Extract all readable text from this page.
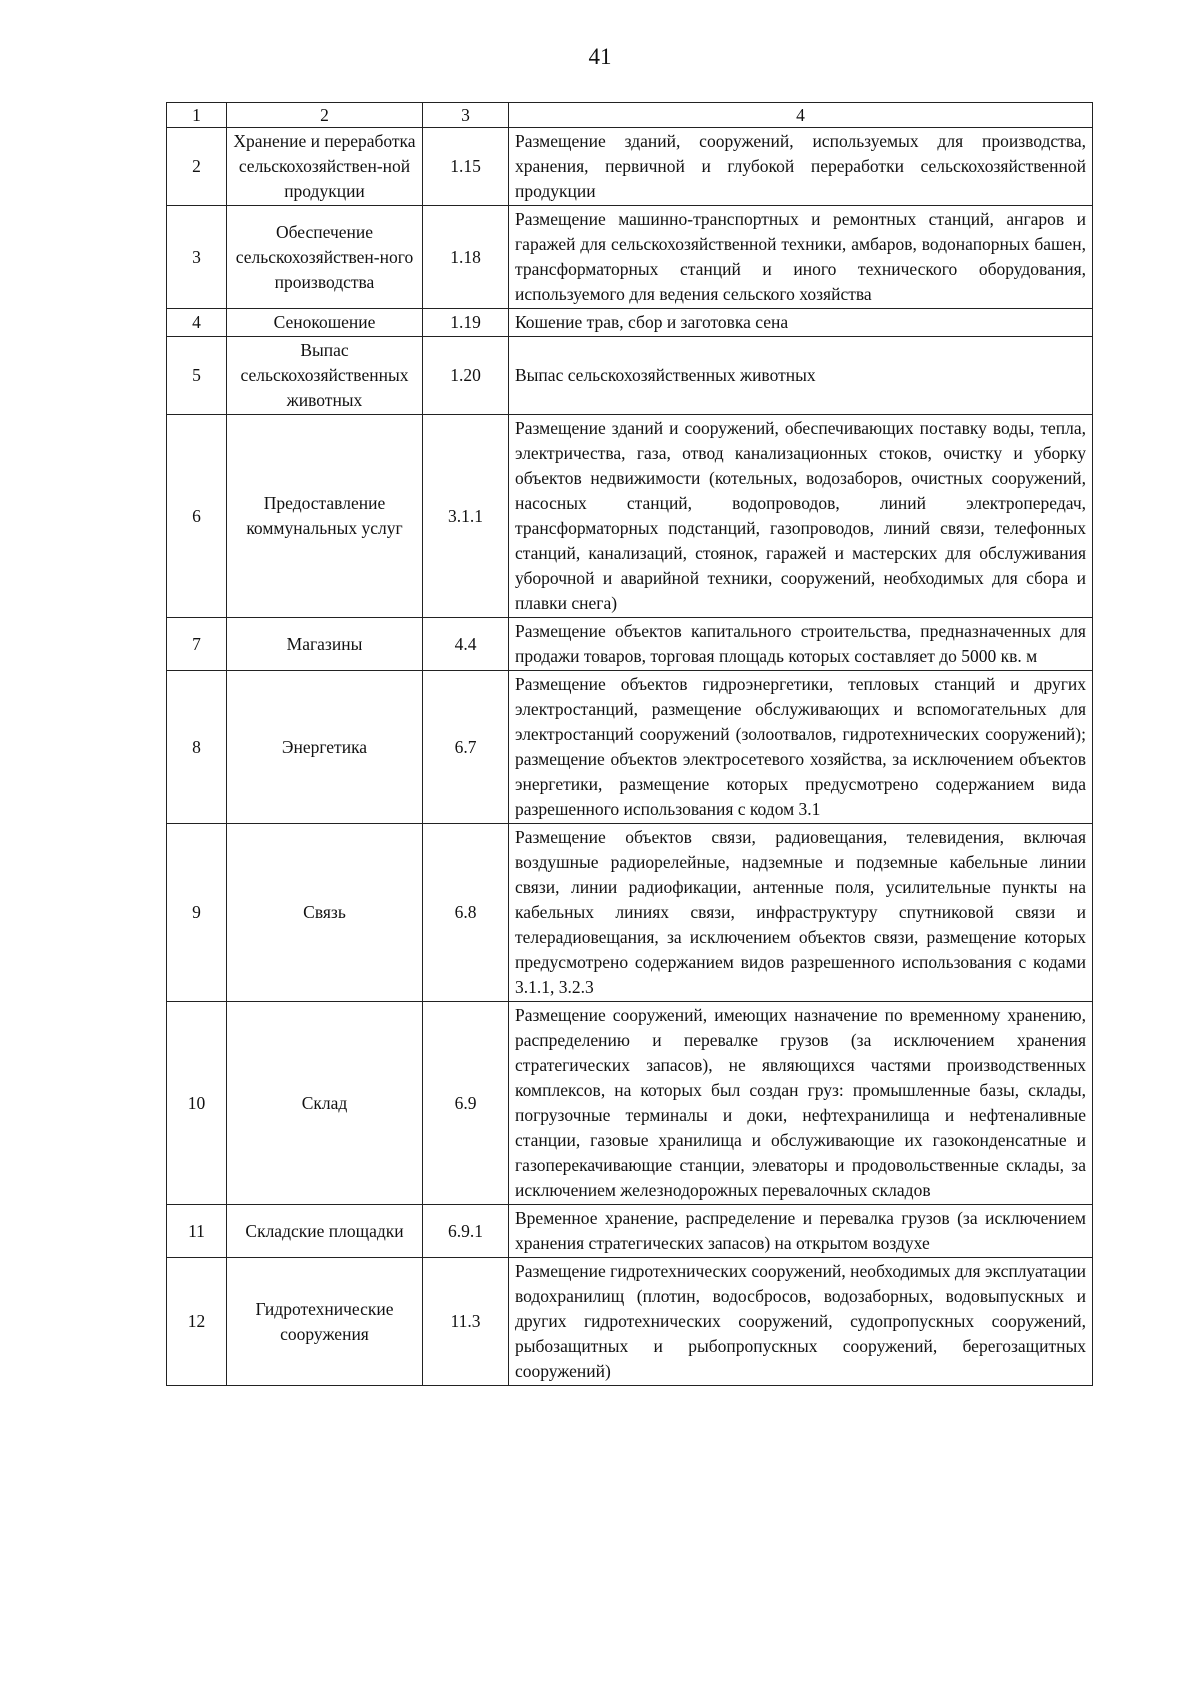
41
1	2	3	4
2	Хранение и переработка сельскохозяйствен-ной продукции	1.15	Размещение зданий, сооружений, используемых для производства, хранения, первичной и глубокой переработки сельскохозяйственной продукции
3	Обеспечение сельскохозяйствен-ного производства	1.18	Размещение машинно-транспортных и ремонтных станций, ангаров и гаражей для сельскохозяйственной техники, амбаров, водонапорных башен, трансформаторных станций и иного технического оборудования, используемого для ведения сельского хозяйства
4	Сенокошение	1.19	Кошение трав, сбор и заготовка сена
5	Выпас сельскохозяйственных животных	1.20	Выпас сельскохозяйственных животных
6	Предоставление коммунальных услуг	3.1.1	Размещение зданий и сооружений, обеспечивающих поставку воды, тепла, электричества, газа, отвод канализационных стоков, очистку и уборку объектов недвижимости (котельных, водозаборов, очистных сооружений, насосных станций, водопроводов, линий электропередач, трансформаторных подстанций, газопроводов, линий связи, телефонных станций, канализаций, стоянок, гаражей и мастерских для обслуживания уборочной и аварийной техники, сооружений, необходимых для сбора и плавки снега)
7	Магазины	4.4	Размещение объектов капитального строительства, предназначенных для продажи товаров, торговая площадь которых составляет до 5000 кв. м
8	Энергетика	6.7	Размещение объектов гидроэнергетики, тепловых станций и других электростанций, размещение обслуживающих и вспомогательных для электростанций сооружений (золоотвалов, гидротехнических сооружений); размещение объектов электросетевого хозяйства, за исключением объектов энергетики, размещение которых предусмотрено содержанием вида разрешенного использования с кодом 3.1
9	Связь	6.8	Размещение объектов связи, радиовещания, телевидения, включая воздушные радиорелейные, надземные и подземные кабельные линии связи, линии радиофикации, антенные поля, усилительные пункты на кабельных линиях связи, инфраструктуру спутниковой связи и телерадиовещания, за исключением объектов связи, размещение которых предусмотрено содержанием видов разрешенного использования с кодами 3.1.1, 3.2.3
10	Склад	6.9	Размещение сооружений, имеющих назначение по временному хранению, распределению и перевалке грузов (за исключением хранения стратегических запасов), не являющихся частями производственных комплексов, на которых был создан груз: промышленные базы, склады, погрузочные терминалы и доки, нефтехранилища и нефтеналивные станции, газовые хранилища и обслуживающие их газоконденсатные и газоперекачивающие станции, элеваторы и продовольственные склады, за исключением железнодорожных перевалочных складов
11	Складские площадки	6.9.1	Временное хранение, распределение и перевалка грузов (за исключением хранения стратегических запасов) на открытом воздухе
12	Гидротехнические сооружения	11.3	Размещение гидротехнических сооружений, необходимых для эксплуатации водохранилищ (плотин, водосбросов, водозаборных, водовыпускных и других гидротехнических сооружений, судопропускных сооружений, рыбозащитных и рыбопропускных сооружений, берегозащитных сооружений)
